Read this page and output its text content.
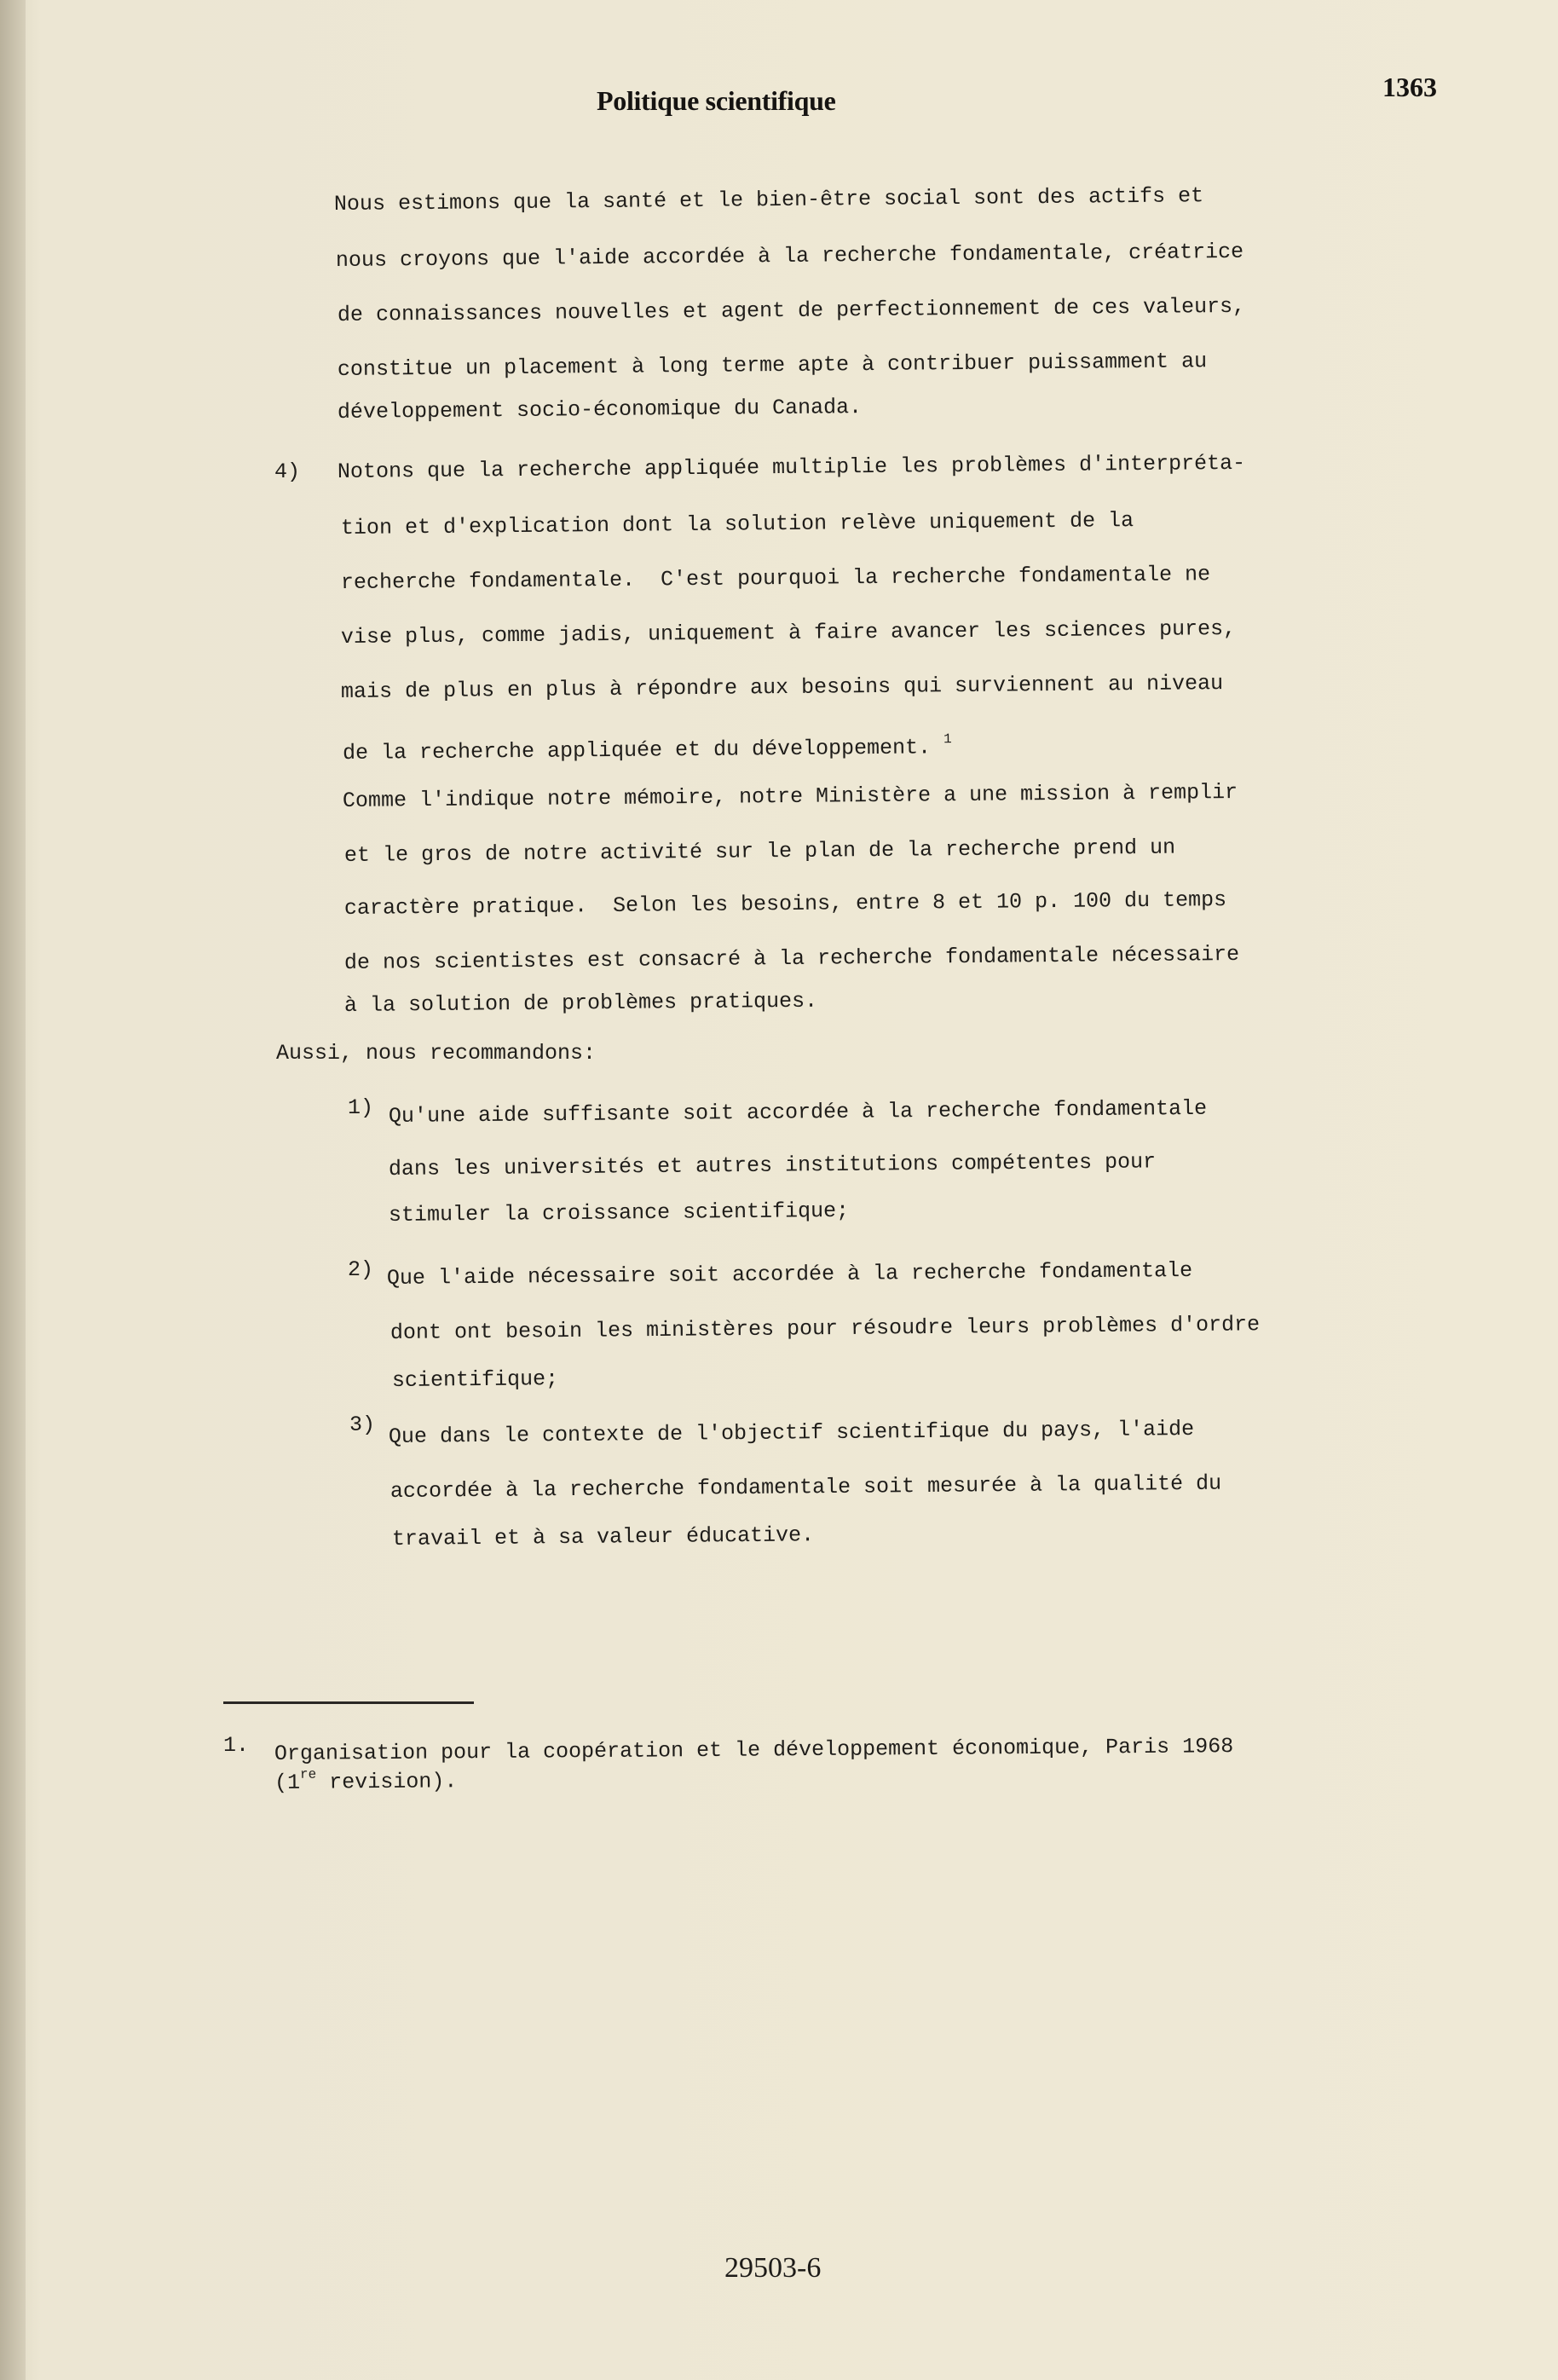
Politique scientifique	1363
Nous estimons que la santé et le bien-être social sont des actifs et
nous croyons que l'aide accordée à la recherche fondamentale, créatrice
de connaissances nouvelles et agent de perfectionnement de ces valeurs,
constitue un placement à long terme apte à contribuer puissamment au
développement socio-économique du Canada.
4) Notons que la recherche appliquée multiplie les problèmes d'interpréta-
tion et d'explication dont la solution relève uniquement de la
recherche fondamentale.  C'est pourquoi la recherche fondamentale ne
vise plus, comme jadis, uniquement à faire avancer les sciences pures,
mais de plus en plus à répondre aux besoins qui surviennent au niveau
de la recherche appliquée et du développement. $^1$
Comme l'indique notre mémoire, notre Ministère a une mission à remplir
et le gros de notre activité sur le plan de la recherche prend un
caractère pratique.  Selon les besoins, entre 8 et 10 p. 100 du temps
de nos scientistes est consacré à la recherche fondamentale nécessaire
à la solution de problèmes pratiques.
Aussi, nous recommandons:
1) Qu'une aide suffisante soit accordée à la recherche fondamentale
dans les universités et autres institutions compétentes pour
stimuler la croissance scientifique;
2) Que l'aide nécessaire soit accordée à la recherche fondamentale
dont ont besoin les ministères pour résoudre leurs problèmes d'ordre
scientifique;
3) Que dans le contexte de l'objectif scientifique du pays, l'aide
accordée à la recherche fondamentale soit mesurée à la qualité du
travail et à sa valeur éducative.
1. Organisation pour la coopération et le développement économique, Paris 1968
(1re revision).
29503-6
